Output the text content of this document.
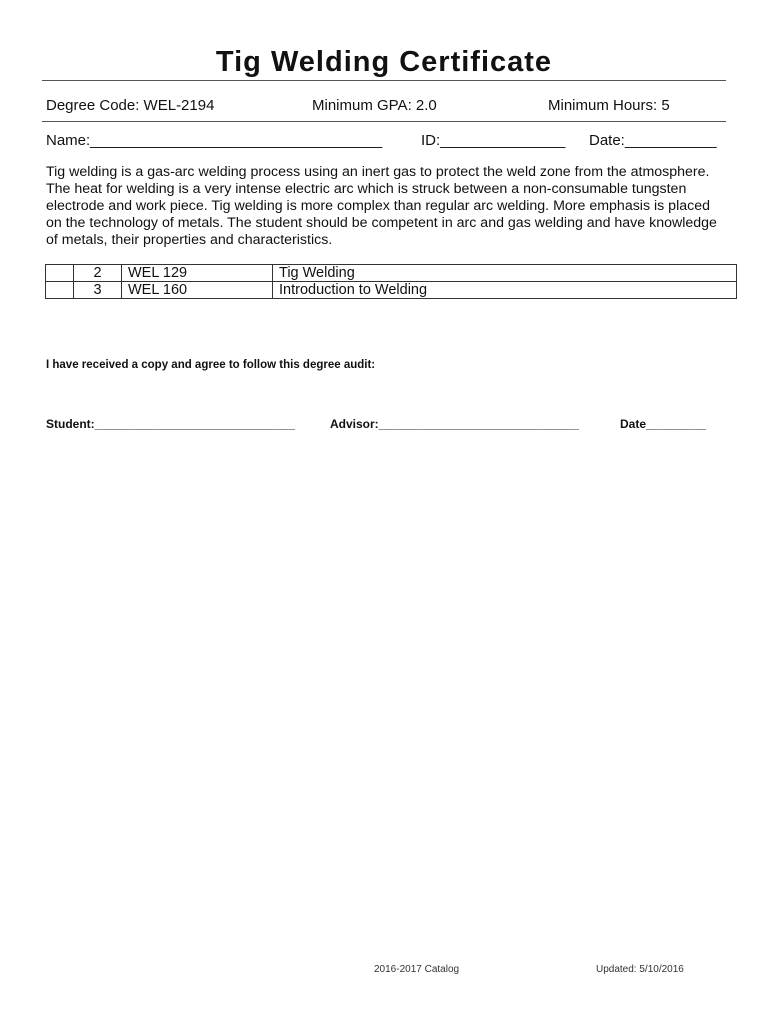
Tig Welding Certificate
Degree Code: WEL-2194	Minimum GPA: 2.0	Minimum Hours: 5
Name:___________________________________	ID:_______________ Date:___________

Tig welding is a gas-arc welding process using an inert gas to protect the weld zone from the atmosphere. The heat for welding is a very intense electric arc which is struck between a non-consumable tungsten electrode and work piece. Tig welding is more complex than regular arc welding. More emphasis is placed on the technology of metals. The student should be competent in arc and gas welding and have knowledge of metals, their properties and characteristics.

	2	WEL 129	Tig Welding
	3	WEL 160	Introduction to Welding
I have received a copy and agree to follow this degree audit:
Student:______________________________	Advisor:______________________________	Date_________
2016-2017 Catalog	Updated: 5/10/2016
